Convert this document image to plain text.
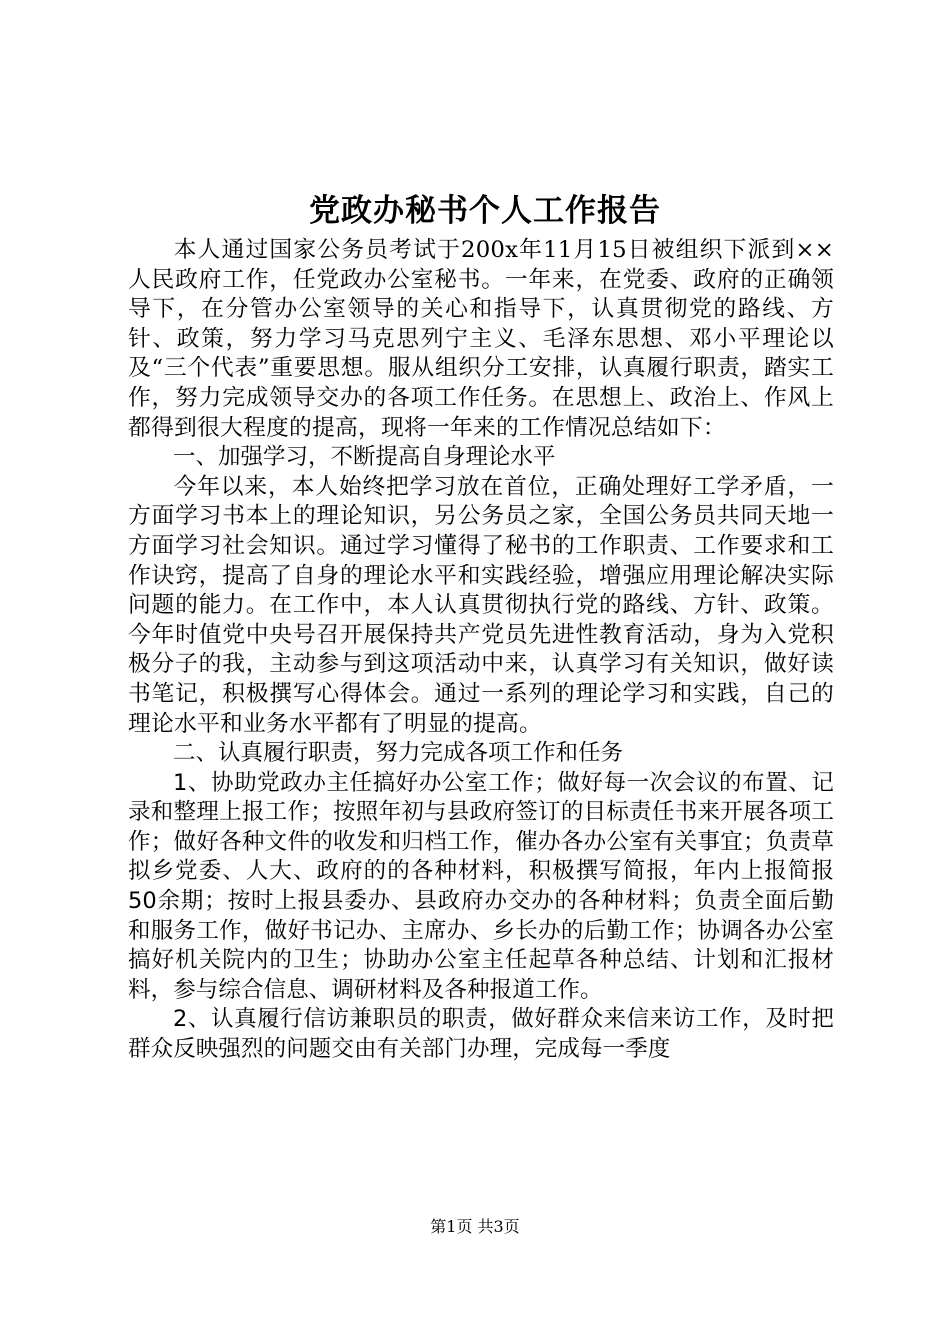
党政办秘书个人工作报告

本人通过国家公务员考试于200x年11月15日被组织下派到××人民政府工作，任党政办公室秘书。一年来，在党委、政府的正确领导下，在分管办公室领导的关心和指导下，认真贯彻党的路线、方针、政策，努力学习马克思列宁主义、毛泽东思想、邓小平理论以及“三个代表”重要思想。服从组织分工安排，认真履行职责，踏实工作，努力完成领导交办的各项工作任务。在思想上、政治上、作风上都得到很大程度的提高，现将一年来的工作情况总结如下：

一、加强学习，不断提高自身理论水平

今年以来，本人始终把学习放在首位，正确处理好工学矛盾，一方面学习书本上的理论知识，另公务员之家，全国公务员共同天地一方面学习社会知识。通过学习懂得了秘书的工作职责、工作要求和工作诀窍，提高了自身的理论水平和实践经验，增强应用理论解决实际问题的能力。在工作中，本人认真贯彻执行党的路线、方针、政策。今年时值党中央号召开展保持共产党员先进性教育活动，身为入党积极分子的我，主动参与到这项活动中来，认真学习有关知识，做好读书笔记，积极撰写心得体会。通过一系列的理论学习和实践，自己的理论水平和业务水平都有了明显的提高。

二、认真履行职责，努力完成各项工作和任务

1、协助党政办主任搞好办公室工作；做好每一次会议的布置、记录和整理上报工作；按照年初与县政府签订的目标责任书来开展各项工作；做好各种文件的收发和归档工作，催办各办公室有关事宜；负责草拟乡党委、人大、政府的的各种材料，积极撰写简报，年内上报简报50余期；按时上报县委办、县政府办交办的各种材料；负责全面后勤和服务工作，做好书记办、主席办、乡长办的后勤工作；协调各办公室搞好机关院内的卫生；协助办公室主任起草各种总结、计划和汇报材料，参与综合信息、调研材料及各种报道工作。

2、认真履行信访兼职员的职责，做好群众来信来访工作，及时把群众反映强烈的问题交由有关部门办理，完成每一季度

第1页 共3页
